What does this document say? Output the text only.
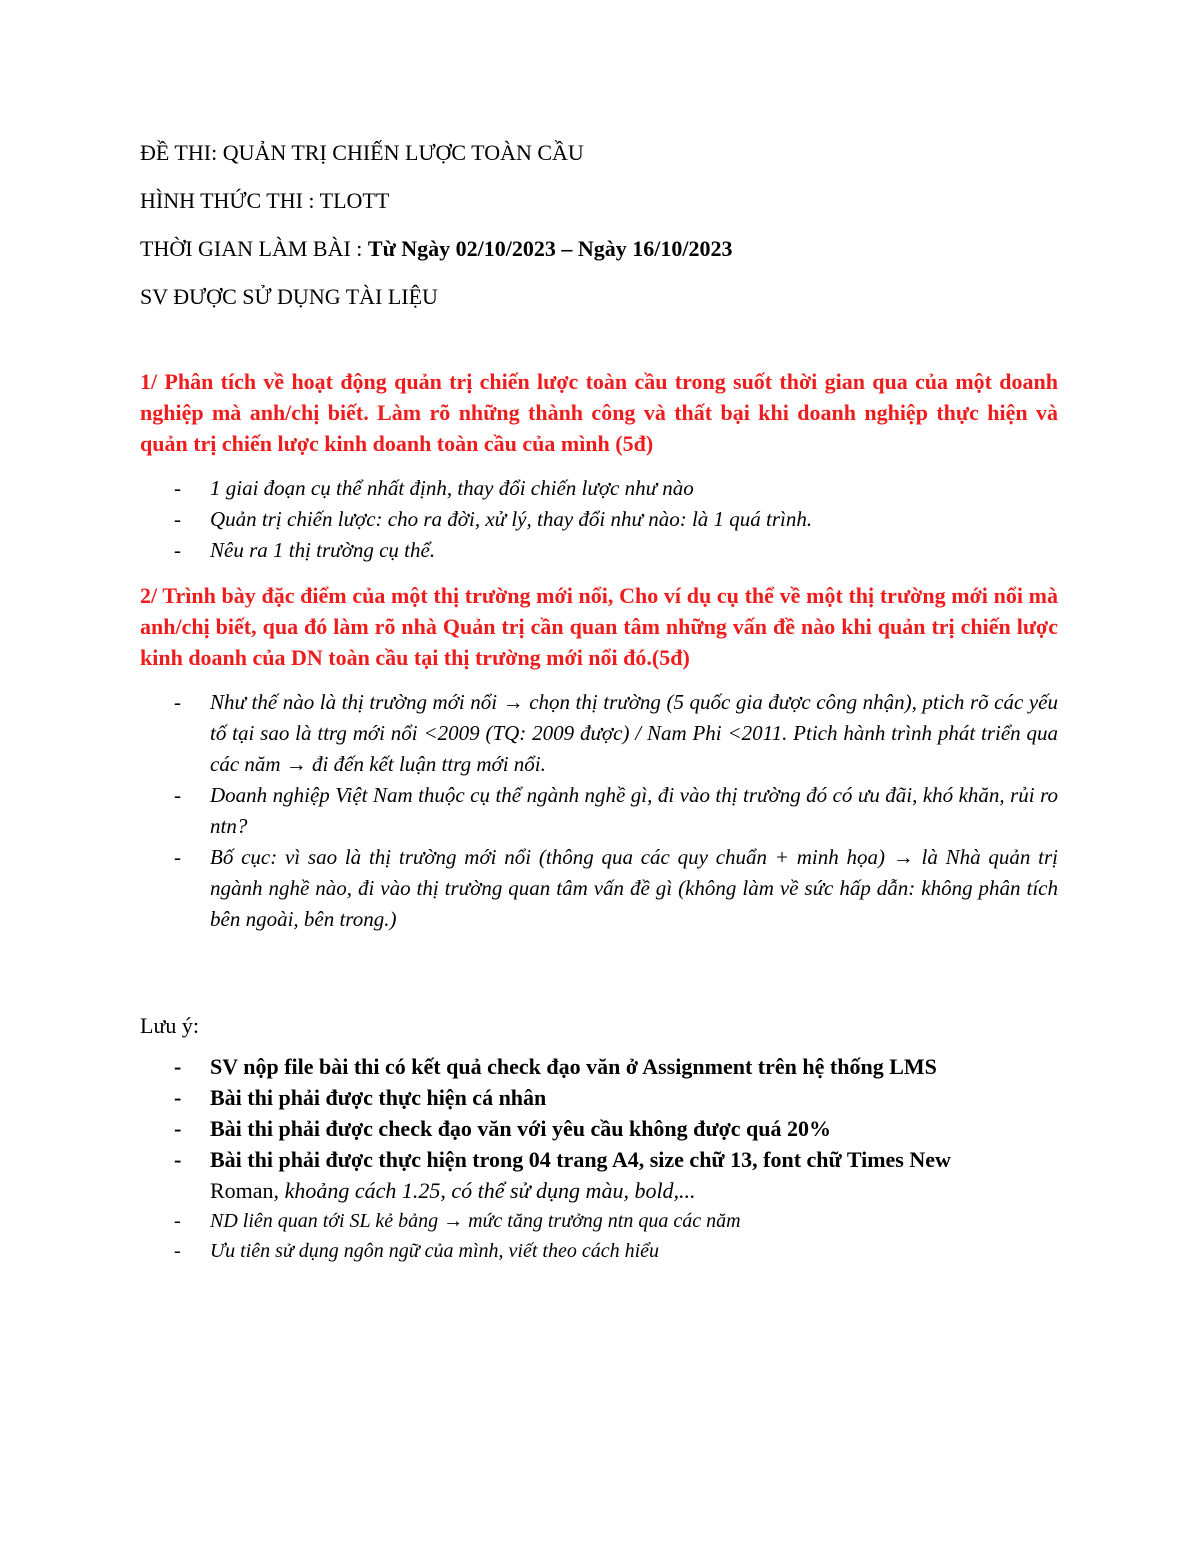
ĐỀ THI: QUẢN TRỊ CHIẾN LƯỢC TOÀN CẦU
HÌNH THỨC THI : TLOTT
THỜI GIAN LÀM BÀI : Từ Ngày 02/10/2023 – Ngày 16/10/2023
SV ĐƯỢC SỬ DỤNG TÀI LIỆU
1/ Phân tích về hoạt động quản trị chiến lược toàn cầu trong suốt thời gian qua của một doanh nghiệp mà anh/chị biết. Làm rõ những thành công và thất bại khi doanh nghiệp thực hiện và quản trị chiến lược kinh doanh toàn cầu của mình (5đ)
- 1 giai đoạn cụ thể nhất định, thay đổi chiến lược như nào
- Quản trị chiến lược: cho ra đời, xử lý, thay đổi như nào: là 1 quá trình.
- Nêu ra 1 thị trường cụ thể.
2/ Trình bày đặc điểm của một thị trường mới nổi, Cho ví dụ cụ thể về một thị trường mới nổi mà anh/chị biết, qua đó làm rõ nhà Quản trị cần quan tâm những vấn đề nào khi quản trị chiến lược kinh doanh của DN toàn cầu tại thị trường mới nổi đó.(5đ)
- Như thế nào là thị trường mới nổi → chọn thị trường (5 quốc gia được công nhận), ptich rõ các yếu tố tại sao là ttrg mới nổi <2009 (TQ: 2009 được) / Nam Phi <2011. Ptich hành trình phát triển qua các năm → đi đến kết luận ttrg mới nổi.
- Doanh nghiệp Việt Nam thuộc cụ thể ngành nghề gì, đi vào thị trường đó có ưu đãi, khó khăn, rủi ro ntn?
- Bố cục: vì sao là thị trường mới nổi (thông qua các quy chuẩn + minh họa) → là Nhà quản trị ngành nghề nào, đi vào thị trường quan tâm vấn đề gì (không làm về sức hấp dẫn: không phân tích bên ngoài, bên trong.)
Lưu ý:
- SV nộp file bài thi có kết quả check đạo văn ở Assignment trên hệ thống LMS
- Bài thi phải được thực hiện cá nhân
- Bài thi phải được check đạo văn với yêu cầu không được quá 20%
- Bài thi phải được thực hiện trong 04 trang A4, size chữ 13, font chữ Times New
Roman, khoảng cách 1.25, có thể sử dụng màu, bold,...
- ND liên quan tới SL kẻ bảng → mức tăng trưởng ntn qua các năm
- Ưu tiên sử dụng ngôn ngữ của mình, viết theo cách hiểu
